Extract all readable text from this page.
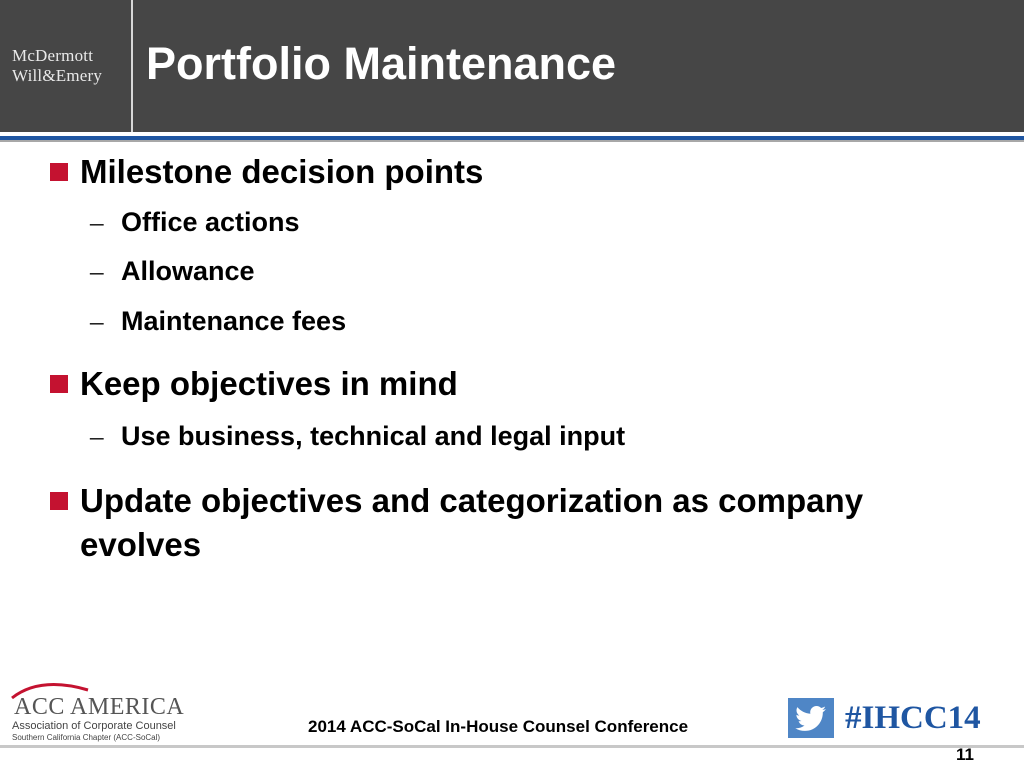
McDermott
Will&Emery Portfolio Maintenance
Milestone decision points
– Office actions
– Allowance
– Maintenance fees
Keep objectives in mind
– Use business, technical and legal input
Update objectives and categorization as company evolves
ACC AMERICA
Association of Corporate Counsel
Southern California Chapter (ACC-SoCal)
2014 ACC-SoCal In-House Counsel Conference	#IHCC14
11
